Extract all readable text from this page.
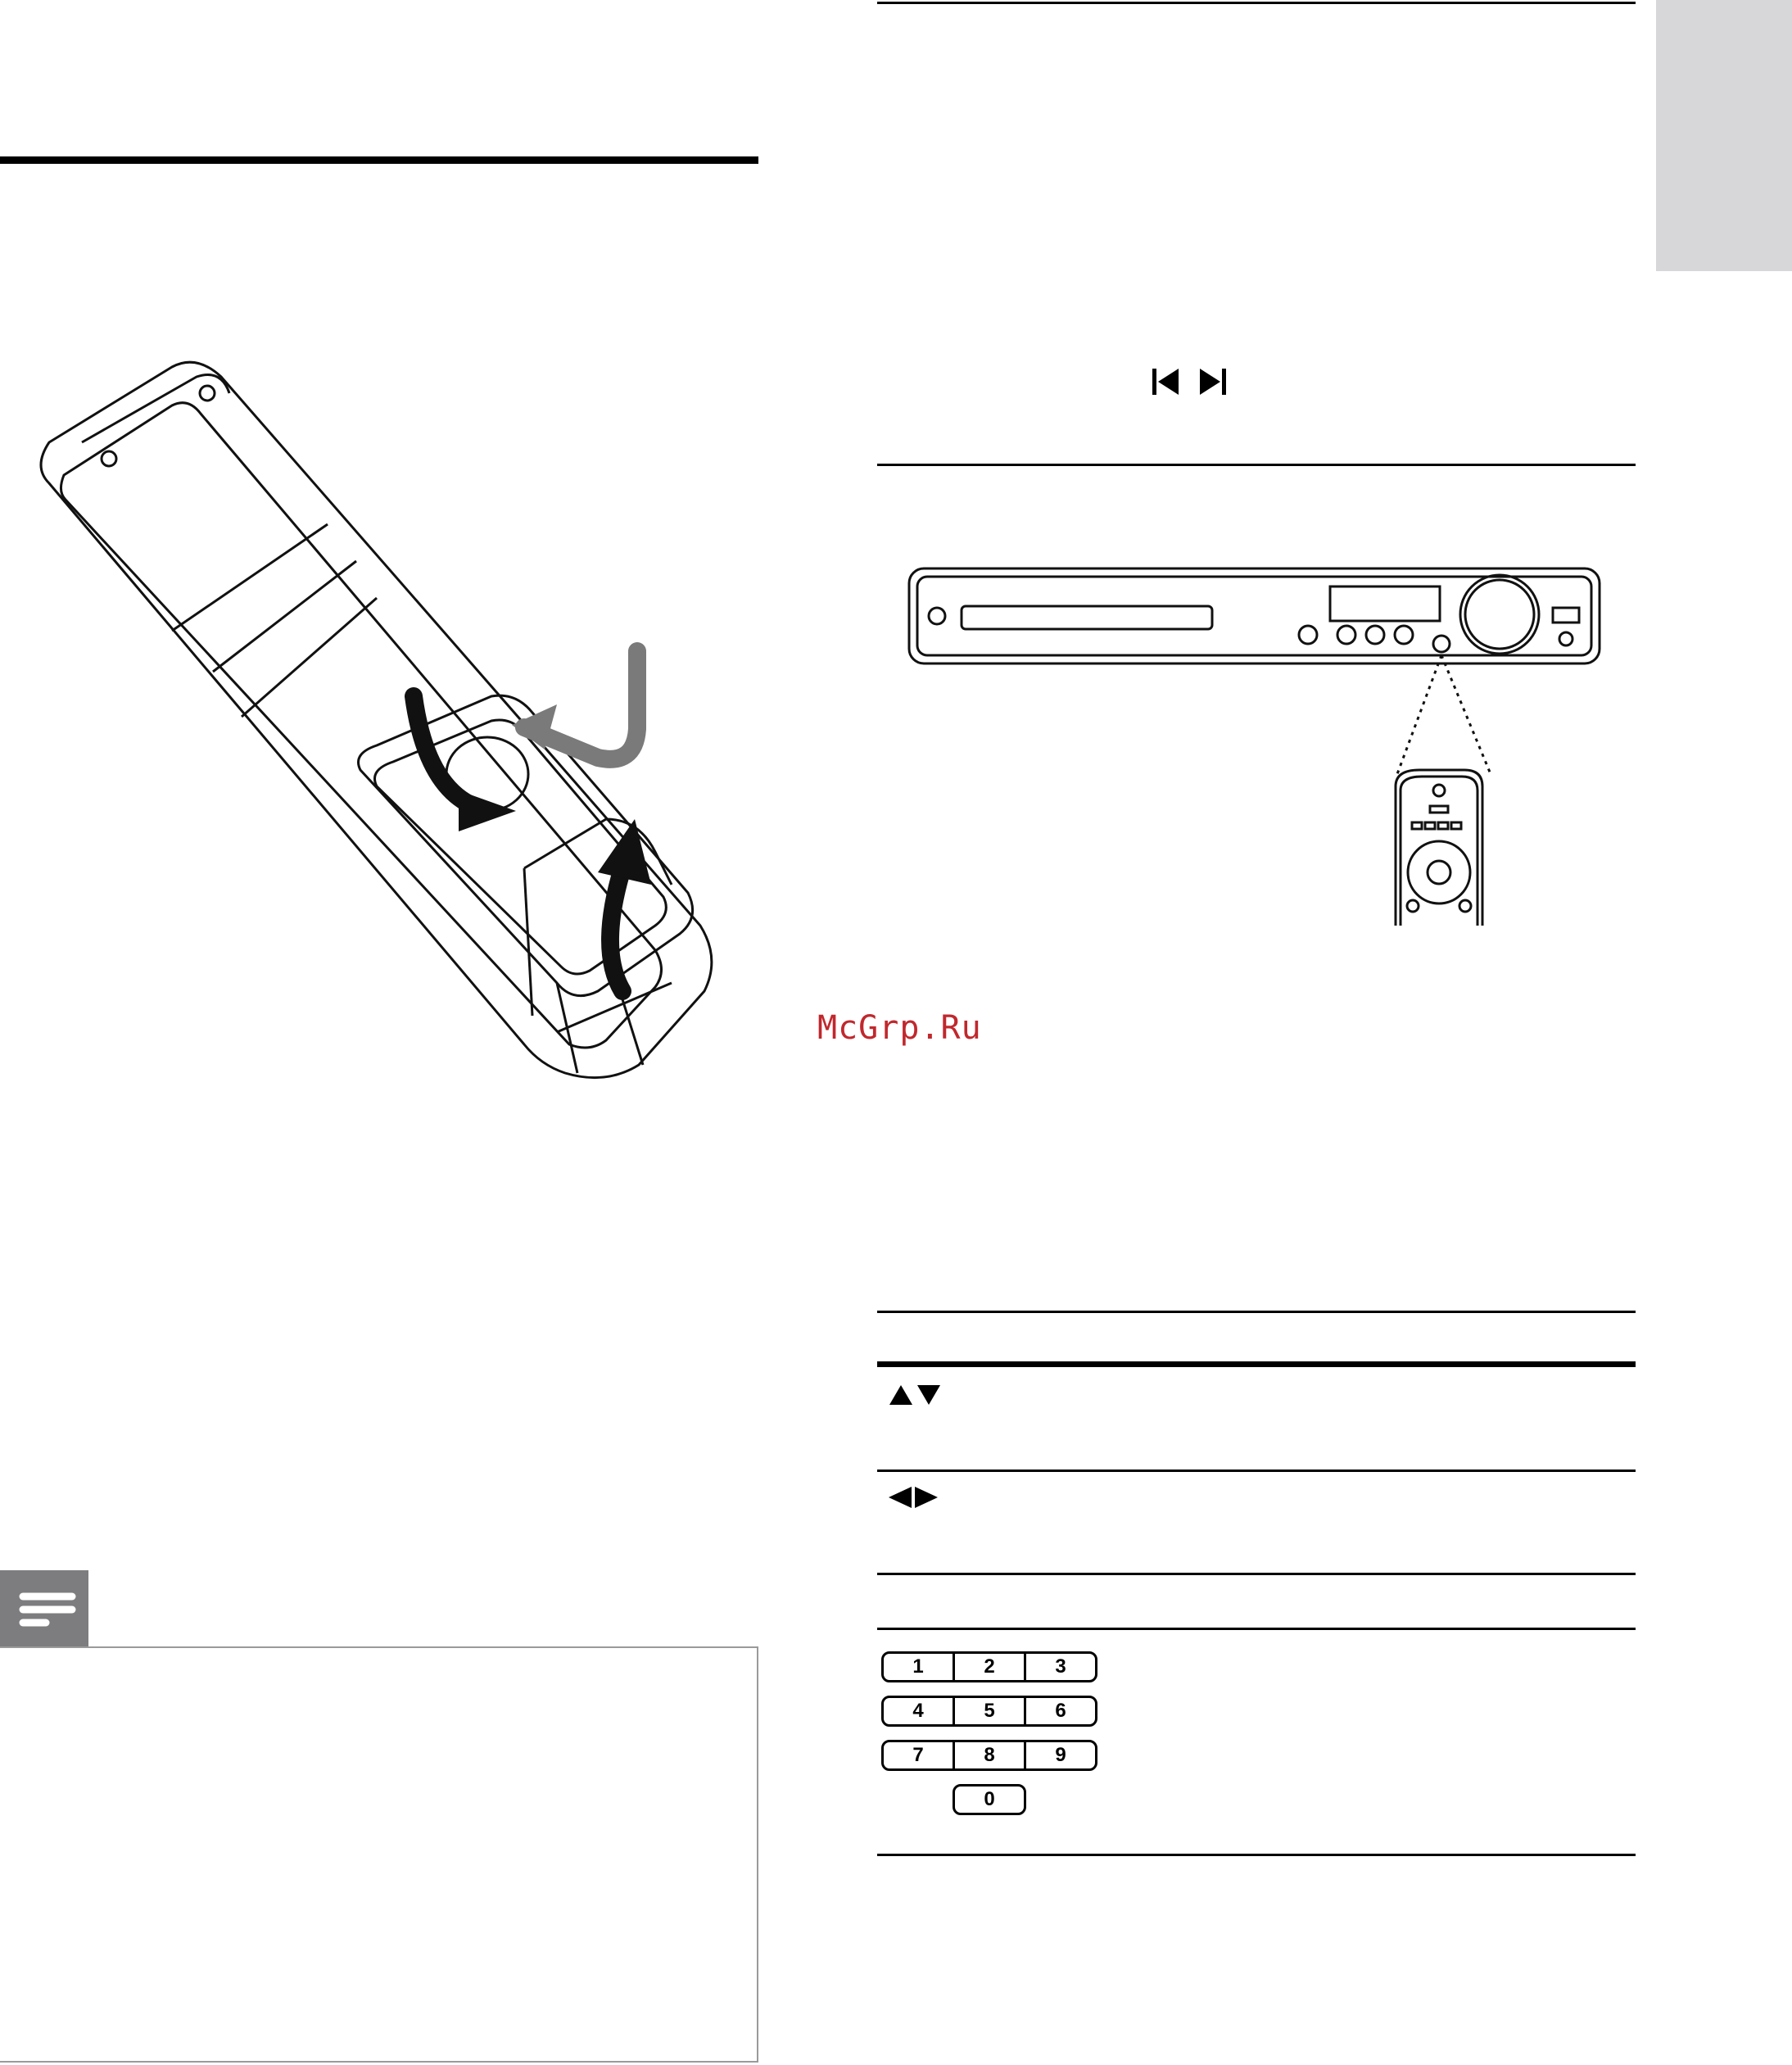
McGrp.Ru
1	2	3
4	5	6
7	8	9
0
